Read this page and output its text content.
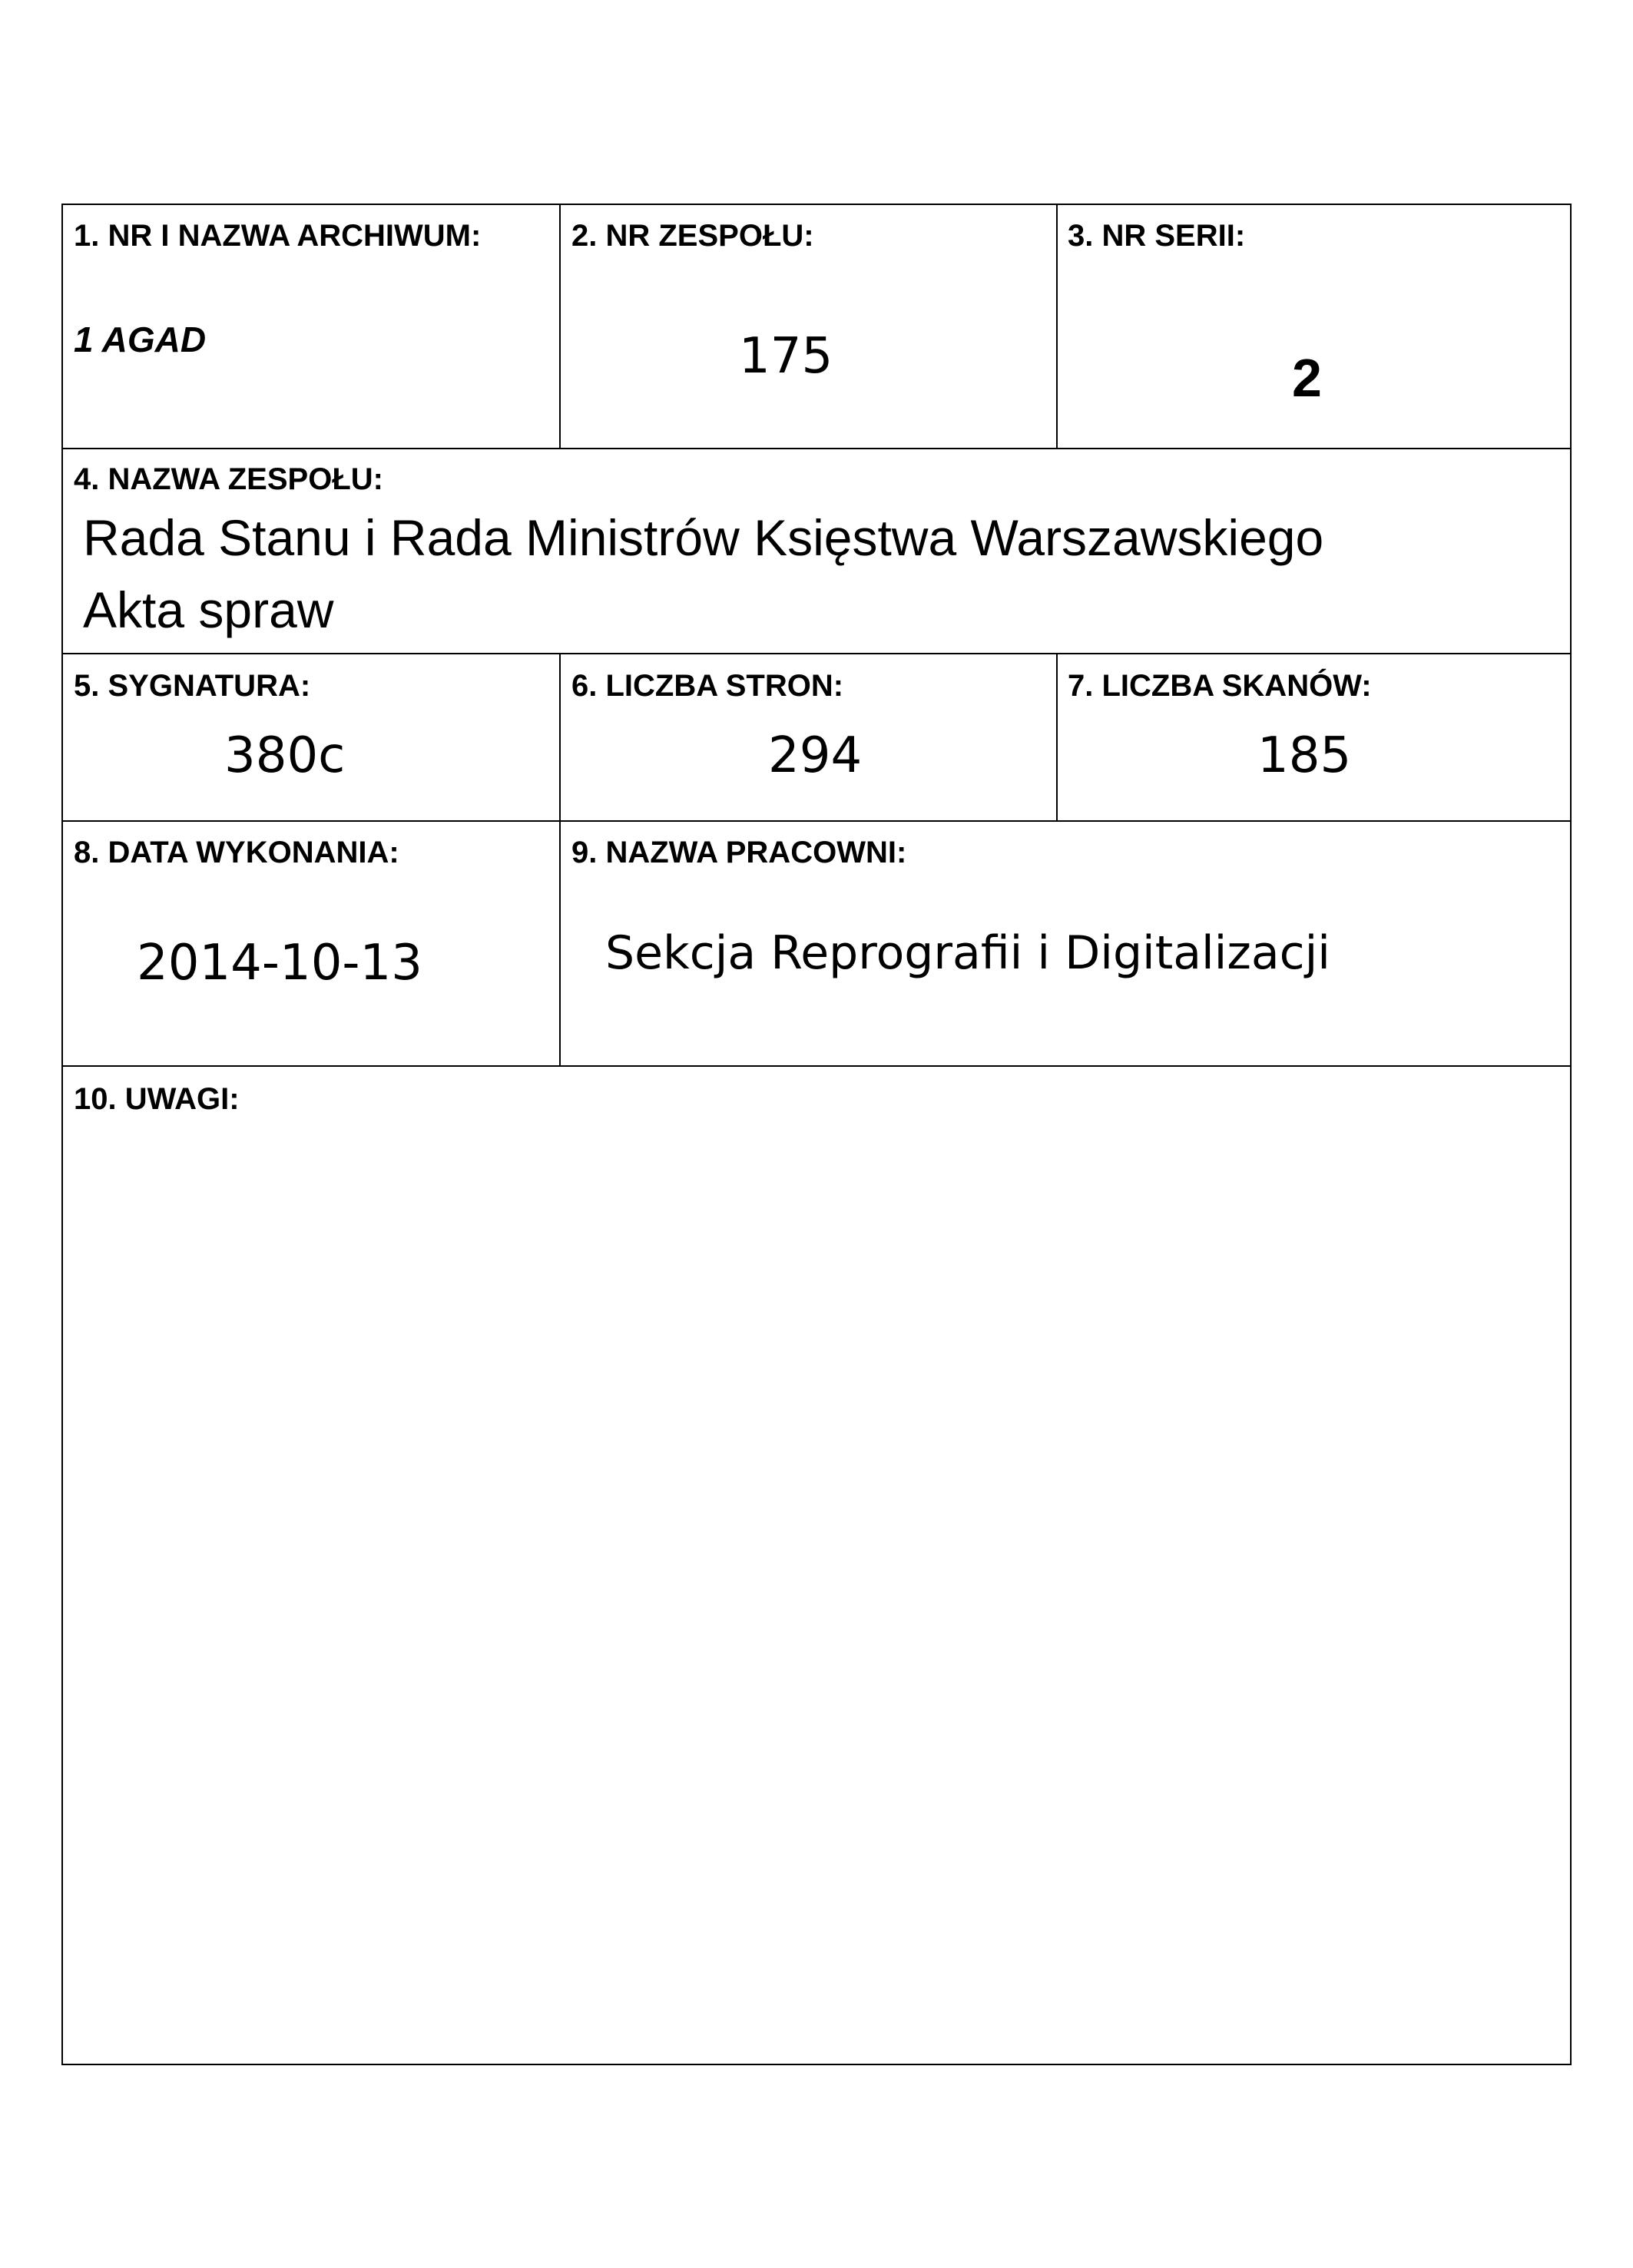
1. NR I NAZWA ARCHIWUM:
1 AGAD
2. NR ZESPOŁU:
175
3. NR SERII:
2
4. NAZWA ZESPOŁU:
Rada Stanu i Rada Ministrów Księstwa Warszawskiego
Akta spraw
5. SYGNATURA:
380c
6. LICZBA STRON:
294
7. LICZBA SKANÓW:
185
8. DATA WYKONANIA:
2014-10-13
9. NAZWA PRACOWNI:
Sekcja Reprografii i Digitalizacji
10. UWAGI:
